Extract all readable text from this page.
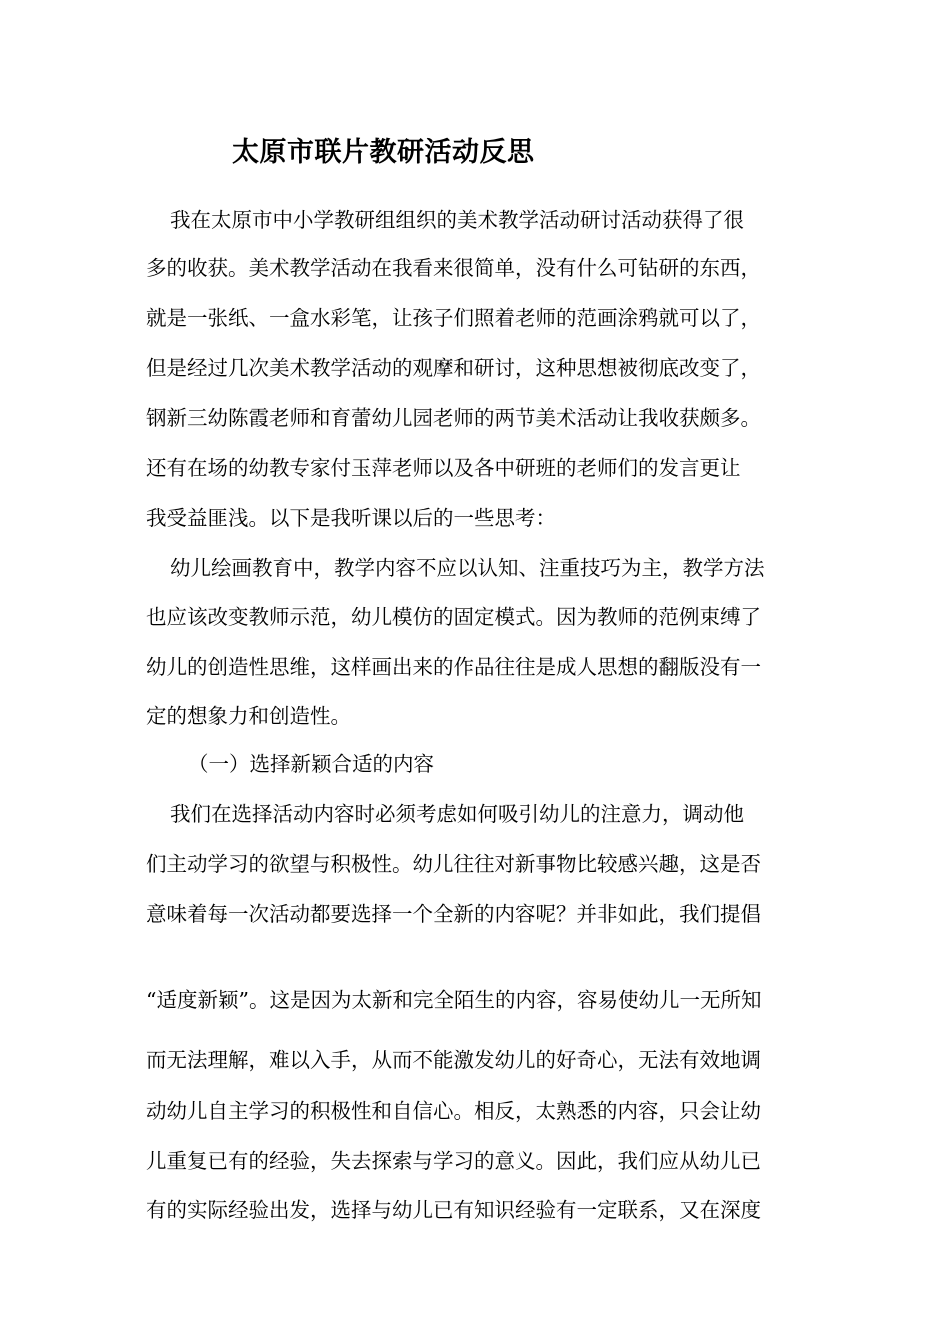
太原市联片教研活动反思
我在太原市中小学教研组组织的美术教学活动研讨活动获得了很
多的收获。美术教学活动在我看来很简单，没有什么可钻研的东西，
就是一张纸、一盒水彩笔，让孩子们照着老师的范画涂鸦就可以了，
但是经过几次美术教学活动的观摩和研讨，这种思想被彻底改变了，
钢新三幼陈霞老师和育蕾幼儿园老师的两节美术活动让我收获颇多。
还有在场的幼教专家付玉萍老师以及各中研班的老师们的发言更让
我受益匪浅。以下是我听课以后的一些思考：
幼儿绘画教育中，教学内容不应以认知、注重技巧为主，教学方法
也应该改变教师示范，幼儿模仿的固定模式。因为教师的范例束缚了
幼儿的创造性思维，这样画出来的作品往往是成人思想的翻版没有一
定的想象力和创造性。
（一）选择新颖合适的内容
我们在选择活动内容时必须考虑如何吸引幼儿的注意力，调动他
们主动学习的欲望与积极性。幼儿往往对新事物比较感兴趣，这是否
意味着每一次活动都要选择一个全新的内容呢？并非如此，我们提倡
“适度新颖”。这是因为太新和完全陌生的内容，容易使幼儿一无所知
而无法理解，难以入手，从而不能激发幼儿的好奇心，无法有效地调
动幼儿自主学习的积极性和自信心。相反，太熟悉的内容，只会让幼
儿重复已有的经验，失去探索与学习的意义。因此，我们应从幼儿已
有的实际经验出发，选择与幼儿已有知识经验有一定联系，又在深度
